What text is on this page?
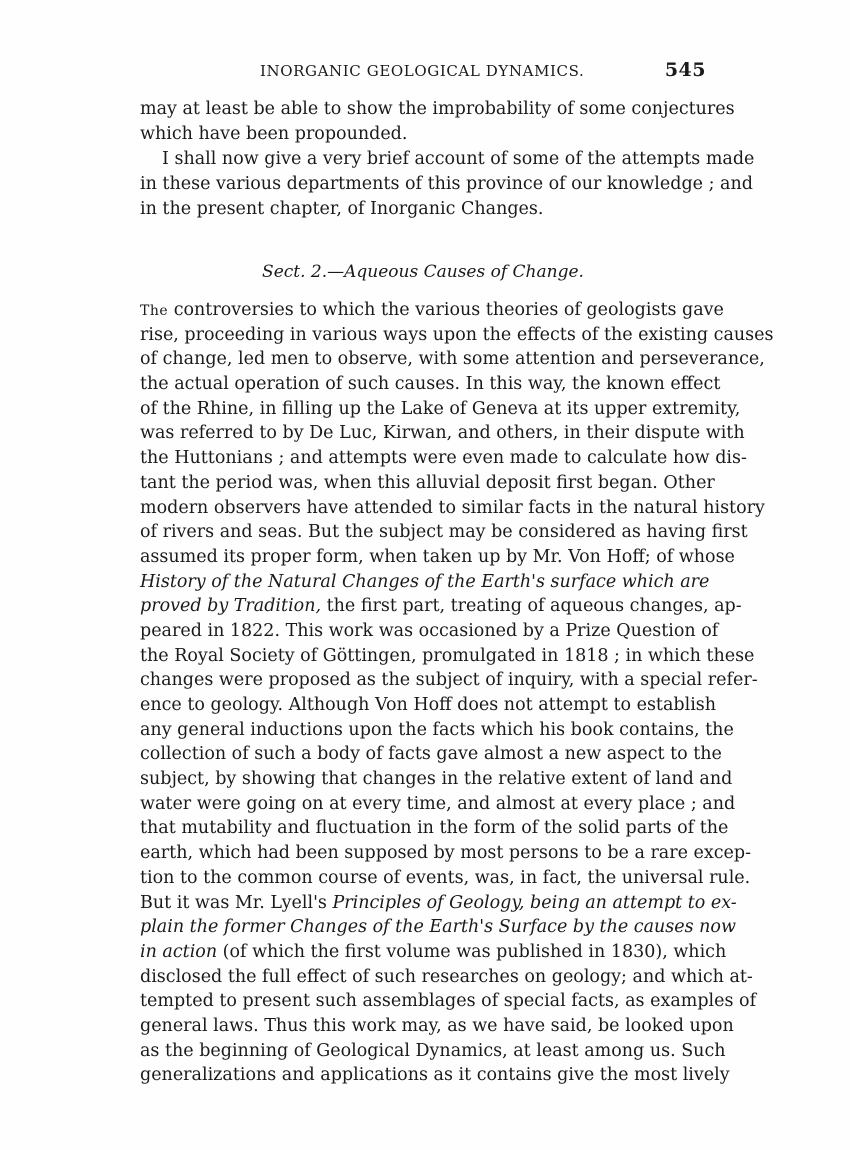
INORGANIC GEOLOGICAL DYNAMICS.	545
may at least be able to show the improbability of some conjectures
which have been propounded.
I shall now give a very brief account of some of the attempts made
in these various departments of this province of our knowledge ; and
in the present chapter, of Inorganic Changes.
Sect. 2.—Aqueous Causes of Change.
The controversies to which the various theories of geologists gave
rise, proceeding in various ways upon the effects of the existing causes
of change, led men to observe, with some attention and perseverance,
the actual operation of such causes. In this way, the known effect
of the Rhine, in filling up the Lake of Geneva at its upper extremity,
was referred to by De Luc, Kirwan, and others, in their dispute with
the Huttonians ; and attempts were even made to calculate how dis-
tant the period was, when this alluvial deposit first began. Other
modern observers have attended to similar facts in the natural history
of rivers and seas. But the subject may be considered as having first
assumed its proper form, when taken up by Mr. Von Hoff; of whose
History of the Natural Changes of the Earth's surface which are
proved by Tradition, the first part, treating of aqueous changes, ap-
peared in 1822. This work was occasioned by a Prize Question of
the Royal Society of Göttingen, promulgated in 1818 ; in which these
changes were proposed as the subject of inquiry, with a special refer-
ence to geology. Although Von Hoff does not attempt to establish
any general inductions upon the facts which his book contains, the
collection of such a body of facts gave almost a new aspect to the
subject, by showing that changes in the relative extent of land and
water were going on at every time, and almost at every place ; and
that mutability and fluctuation in the form of the solid parts of the
earth, which had been supposed by most persons to be a rare excep-
tion to the common course of events, was, in fact, the universal rule.
But it was Mr. Lyell's Principles of Geology, being an attempt to ex-
plain the former Changes of the Earth's Surface by the causes now
in action (of which the first volume was published in 1830), which
disclosed the full effect of such researches on geology; and which at-
tempted to present such assemblages of special facts, as examples of
general laws. Thus this work may, as we have said, be looked upon
as the beginning of Geological Dynamics, at least among us. Such
generalizations and applications as it contains give the most lively
